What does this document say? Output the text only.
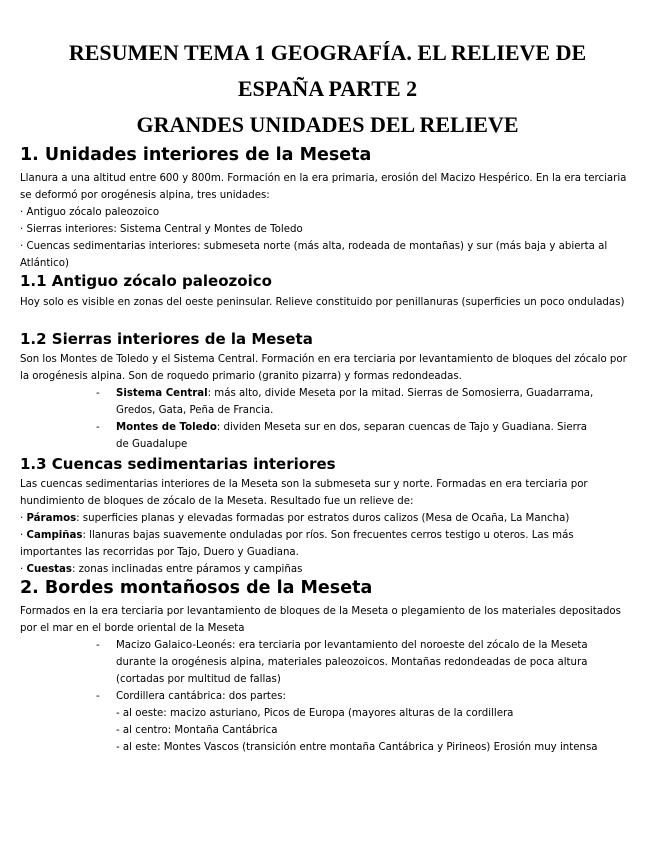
RESUMEN TEMA 1 GEOGRAFÍA. EL RELIEVE DE
ESPAÑA PARTE 2
GRANDES UNIDADES DEL RELIEVE
1. Unidades interiores de la Meseta

Llanura a una altitud entre 600 y 800m. Formación en la era primaria, erosión del Macizo Hespérico. En la era terciaria se deformó por orogénesis alpina, tres unidades:

· Antiguo zócalo paleozoico
· Sierras interiores: Sistema Central y Montes de Toledo

· Cuencas sedimentarias interiores: submeseta norte (más alta, rodeada de montañas) y sur (más baja y abierta al Atlántico)

1.1 Antiguo zócalo paleozoico

Hoy solo es visible en zonas del oeste peninsular. Relieve constituido por penillanuras (superficies un poco onduladas)

1.2 Sierras interiores de la Meseta

Son los Montes de Toledo y el Sistema Central. Formación en era terciaria por levantamiento de bloques del zócalo por la orogénesis alpina. Son de roquedo primario (granito pizarra) y formas redondeadas.

- Sistema Central: más alto, divide Meseta por la mitad. Sierras de Somosierra, Guadarrama, Gredos, Gata, Peña de Francia.
- Montes de Toledo: dividen Meseta sur en dos, separan cuencas de Tajo y Guadiana. Sierra de Guadalupe
1.3 Cuencas sedimentarias interiores

Las cuencas sedimentarias interiores de la Meseta son la submeseta sur y norte. Formadas en era terciaria por hundimiento de bloques de zócalo de la Meseta. Resultado fue un relieve de:

· Páramos: superficies planas y elevadas formadas por estratos duros calizos (Mesa de Ocaña, La Mancha)

· Campiñas: llanuras bajas suavemente onduladas por ríos. Son frecuentes cerros testigo u oteros. Las más importantes las recorridas por Tajo, Duero y Guadiana.

· Cuestas: zonas inclinadas entre páramos y campiñas
2. Bordes montañosos de la Meseta

Formados en la era terciaria por levantamiento de bloques de la Meseta o plegamiento de los materiales depositados por el mar en el borde oriental de la Meseta

- Macizo Galaico-Leonés: era terciaria por levantamiento del noroeste del zócalo de la Meseta durante la orogénesis alpina, materiales paleozoicos. Montañas redondeadas de poca altura (cortadas por multitud de fallas)
- Cordillera cantábrica: dos partes:
- al oeste: macizo asturiano, Picos de Europa (mayores alturas de la cordillera
- al centro: Montaña Cantábrica
- al este: Montes Vascos (transición entre montaña Cantábrica y Pirineos) Erosión muy intensa
